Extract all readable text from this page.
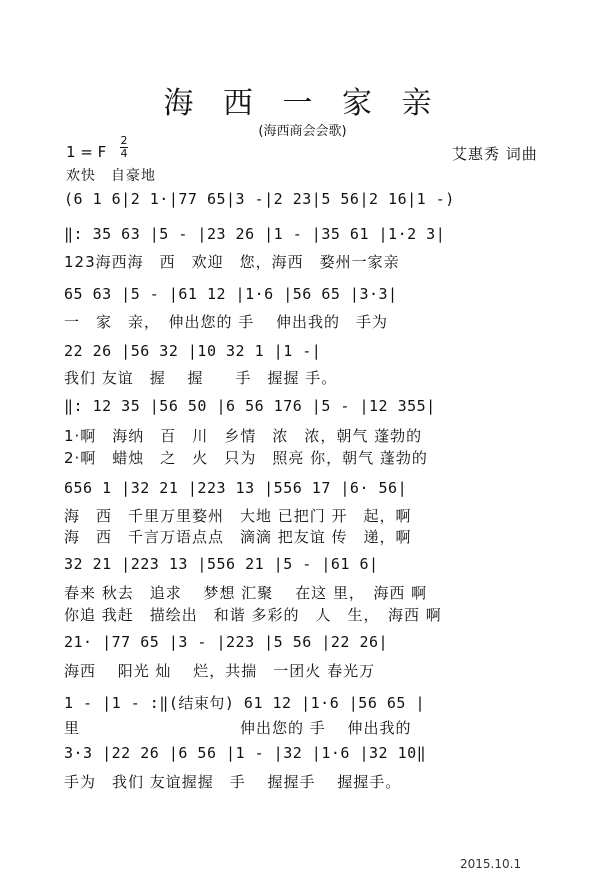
海 西 一 家 亲
(海西商会会歌)
1 = F
2
4	艾惠秀 词曲
欢快　自豪地
(6 1 6|2 1·|77 65|3 -|2 23|5 56|2 16|1 -)
‖: 35 63 |5 - |23 26 |1 - |35 61 |1·2 3|
123海西海　西　欢迎　您，海西　婺州一家亲
65 63 |5 - |61 12 |1·6 |56 65 |3·3|
一　家　亲，　伸出您的 手　 伸出我的　手为
22 26 |56 32 |10 32 1 |1 -|
我们 友谊　握　 握　　手　握握 手。
‖: 12 35 |56 50 |6 56 176 |5 - |12 355|
1·啊　海纳　百　川　乡情　浓　浓，朝气 蓬勃的
2·啊　蜡烛　之　火　只为　照亮 你，朝气 蓬勃的
656 1 |32 21 |223 13 |556 17 |6· 56|
海　西　千里万里婺州　大地 已把门 开　起，啊
海　西　千言万语点点　滴滴 把友谊 传　递，啊
32 21 |223 13 |556 21 |5 - |61 6|
春来 秋去　追求　 梦想 汇聚　 在这 里，　海西 啊
你追 我赶　描绘出　和谐 多彩的　人　生，　海西 啊
21· |77 65 |3 - |223 |5 56 |22 26|
海西　 阳光 灿　 烂，共揣　一团火 春光万
1 - |1 - :‖(结束句) 61 12 |1·6 |56 65 |
里　　　　　　　　　　伸出您的 手　 伸出我的
3·3 |22 26 |6 56 |1 - |32 |1·6 |32 10‖
手为　我们 友谊握握　手　 握握手　 握握手。
2015.10.1
